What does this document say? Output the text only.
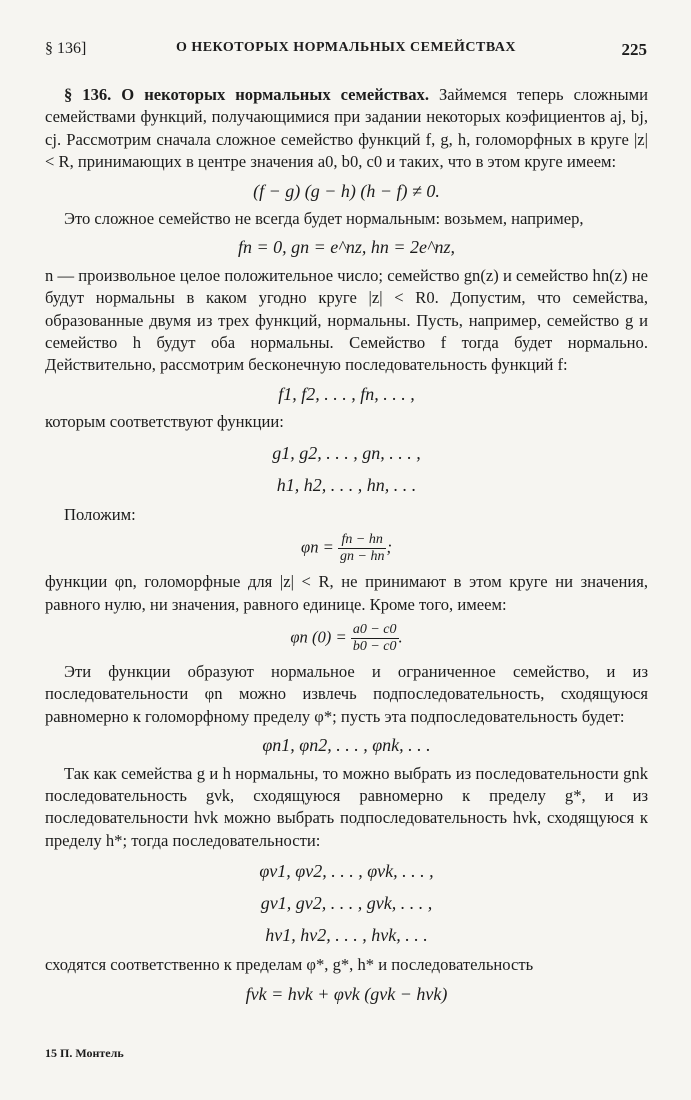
§ 136]	О НЕКОТОРЫХ НОРМАЛЬНЫХ СЕМЕЙСТВАХ	225

§ 136. О некоторых нормальных семействах. Займемся теперь сложными семействами функций, получающимися при задании некоторых коэфициентов aj, bj, cj. Рассмотрим сначала сложное семейство функций f, g, h, голоморфных в круге |z| < R, принимающих в центре значения a0, b0, c0 и таких, что в этом круге имеем:

(f − g) (g − h) (h − f) ≠ 0.

Это сложное семейство не всегда будет нормальным: возьмем, например,

fn = 0, gn = e^nz, hn = 2e^nz,

n — произвольное целое положительное число; семейство gn(z) и семейство hn(z) не будут нормальны в каком угодно круге |z| < R0. Допустим, что семейства, образованные двумя из трех функций, нормальны. Пусть, например, семейство g и семейство h будут оба нормальны. Семейство f тогда будет нормально. Действительно, рассмотрим бесконечную последовательность функций f:

f1, f2, . . . , fn, . . . ,

которым соответствуют функции:

g1, g2, . . . , gn, . . . ,
h1, h2, . . . , hn, . . .

Положим:

$\varphi n = \frac{fn - hn}{gn - hn}$ ;

функции φn, голоморфные для |z| < R, не принимают в этом круге ни значения, равного нулю, ни значения, равного единице. Кроме того, имеем:

φn $(0) = \frac{a0 - c0}{b0 - c0}$ .

Эти функции образуют нормальное и ограниченное семейство, и из последовательности φn можно извлечь подпоследовательность, сходящуюся равномерно к голоморфному пределу φ*; пусть эта подпоследовательность будет:

φn1, φn2, . . . , φnk, . . .

Так как семейства g и h нормальны, то можно выбрать из последовательности gnk последовательность gνk, сходящуюся равномерно к пределу g*, и из последовательности hνk можно выбрать подпоследовательность hνk, сходящуюся к пределу h*; тогда последовательности:

φν1, φν2, . . . , φνk, . . . ,
gν1, gν2, . . . , gνk, . . . ,
hν1, hν2, . . . , hνk, . . .

сходятся соответственно к пределам φ*, g*, h* и последовательность

fνk = hνk + φνk (gνk − hνk)
15 П. Монтель
